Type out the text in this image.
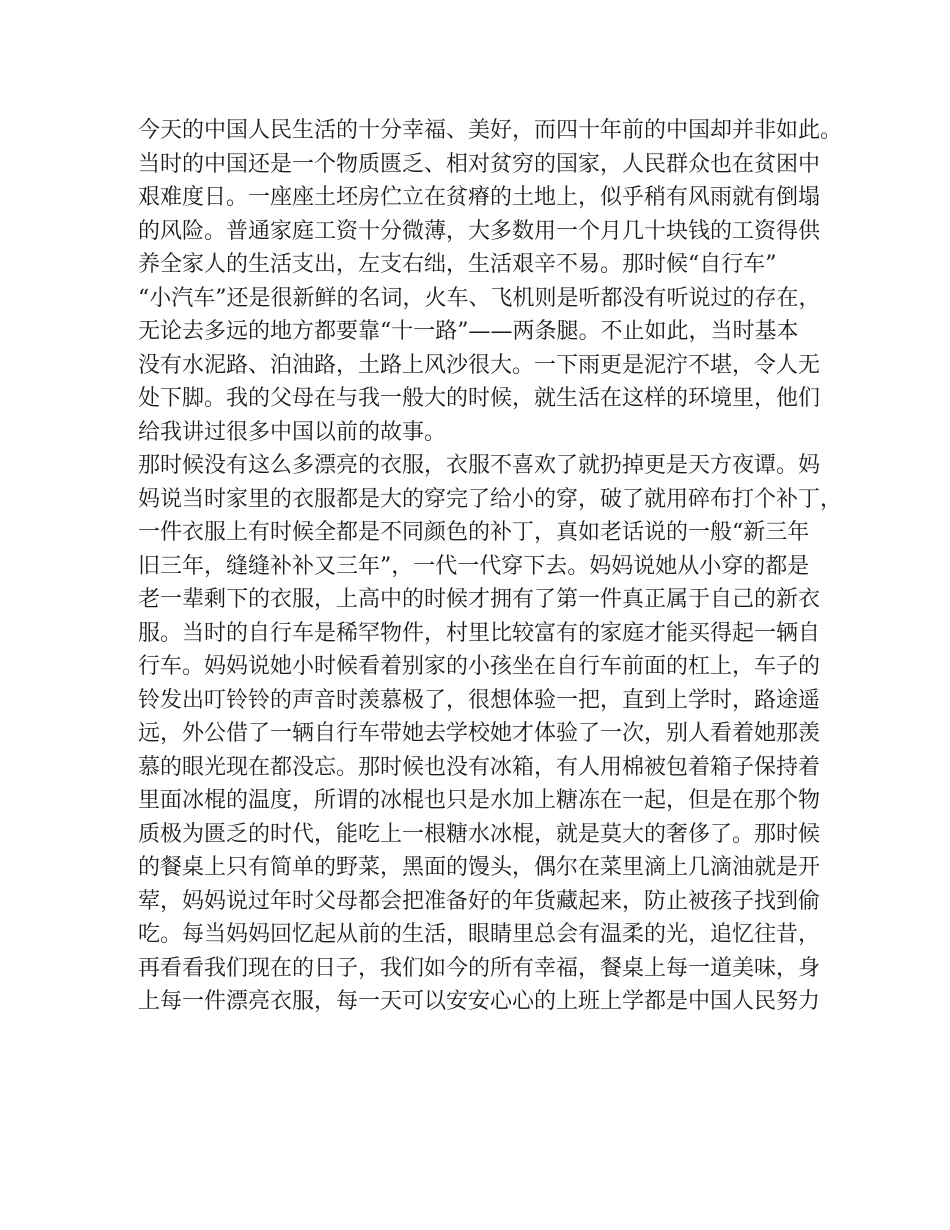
今天的中国人民生活的十分幸福、美好，而四十年前的中国却并非如此。
当时的中国还是一个物质匮乏、相对贫穷的国家，人民群众也在贫困中
艰难度日。一座座土坯房伫立在贫瘠的土地上，似乎稍有风雨就有倒塌
的风险。普通家庭工资十分微薄，大多数用一个月几十块钱的工资得供
养全家人的生活支出，左支右绌，生活艰辛不易。那时候“自行车”
“小汽车”还是很新鲜的名词，火车、飞机则是听都没有听说过的存在，
无论去多远的地方都要靠“十一路”——两条腿。不止如此，当时基本
没有水泥路、泊油路，土路上风沙很大。一下雨更是泥泞不堪，令人无
处下脚。我的父母在与我一般大的时候，就生活在这样的环境里，他们
给我讲过很多中国以前的故事。
那时候没有这么多漂亮的衣服，衣服不喜欢了就扔掉更是天方夜谭。妈
妈说当时家里的衣服都是大的穿完了给小的穿，破了就用碎布打个补丁，
一件衣服上有时候全都是不同颜色的补丁，真如老话说的一般“新三年
旧三年，缝缝补补又三年”，一代一代穿下去。妈妈说她从小穿的都是
老一辈剩下的衣服，上高中的时候才拥有了第一件真正属于自己的新衣
服。当时的自行车是稀罕物件，村里比较富有的家庭才能买得起一辆自
行车。妈妈说她小时候看着别家的小孩坐在自行车前面的杠上，车子的
铃发出叮铃铃的声音时羡慕极了，很想体验一把，直到上学时，路途遥
远，外公借了一辆自行车带她去学校她才体验了一次，别人看着她那羡
慕的眼光现在都没忘。那时候也没有冰箱，有人用棉被包着箱子保持着
里面冰棍的温度，所谓的冰棍也只是水加上糖冻在一起，但是在那个物
质极为匮乏的时代，能吃上一根糖水冰棍，就是莫大的奢侈了。那时候
的餐桌上只有简单的野菜，黑面的馒头，偶尔在菜里滴上几滴油就是开
荤，妈妈说过年时父母都会把准备好的年货藏起来，防止被孩子找到偷
吃。每当妈妈回忆起从前的生活，眼睛里总会有温柔的光，追忆往昔，
再看看我们现在的日子，我们如今的所有幸福，餐桌上每一道美味，身
上每一件漂亮衣服，每一天可以安安心心的上班上学都是中国人民努力
